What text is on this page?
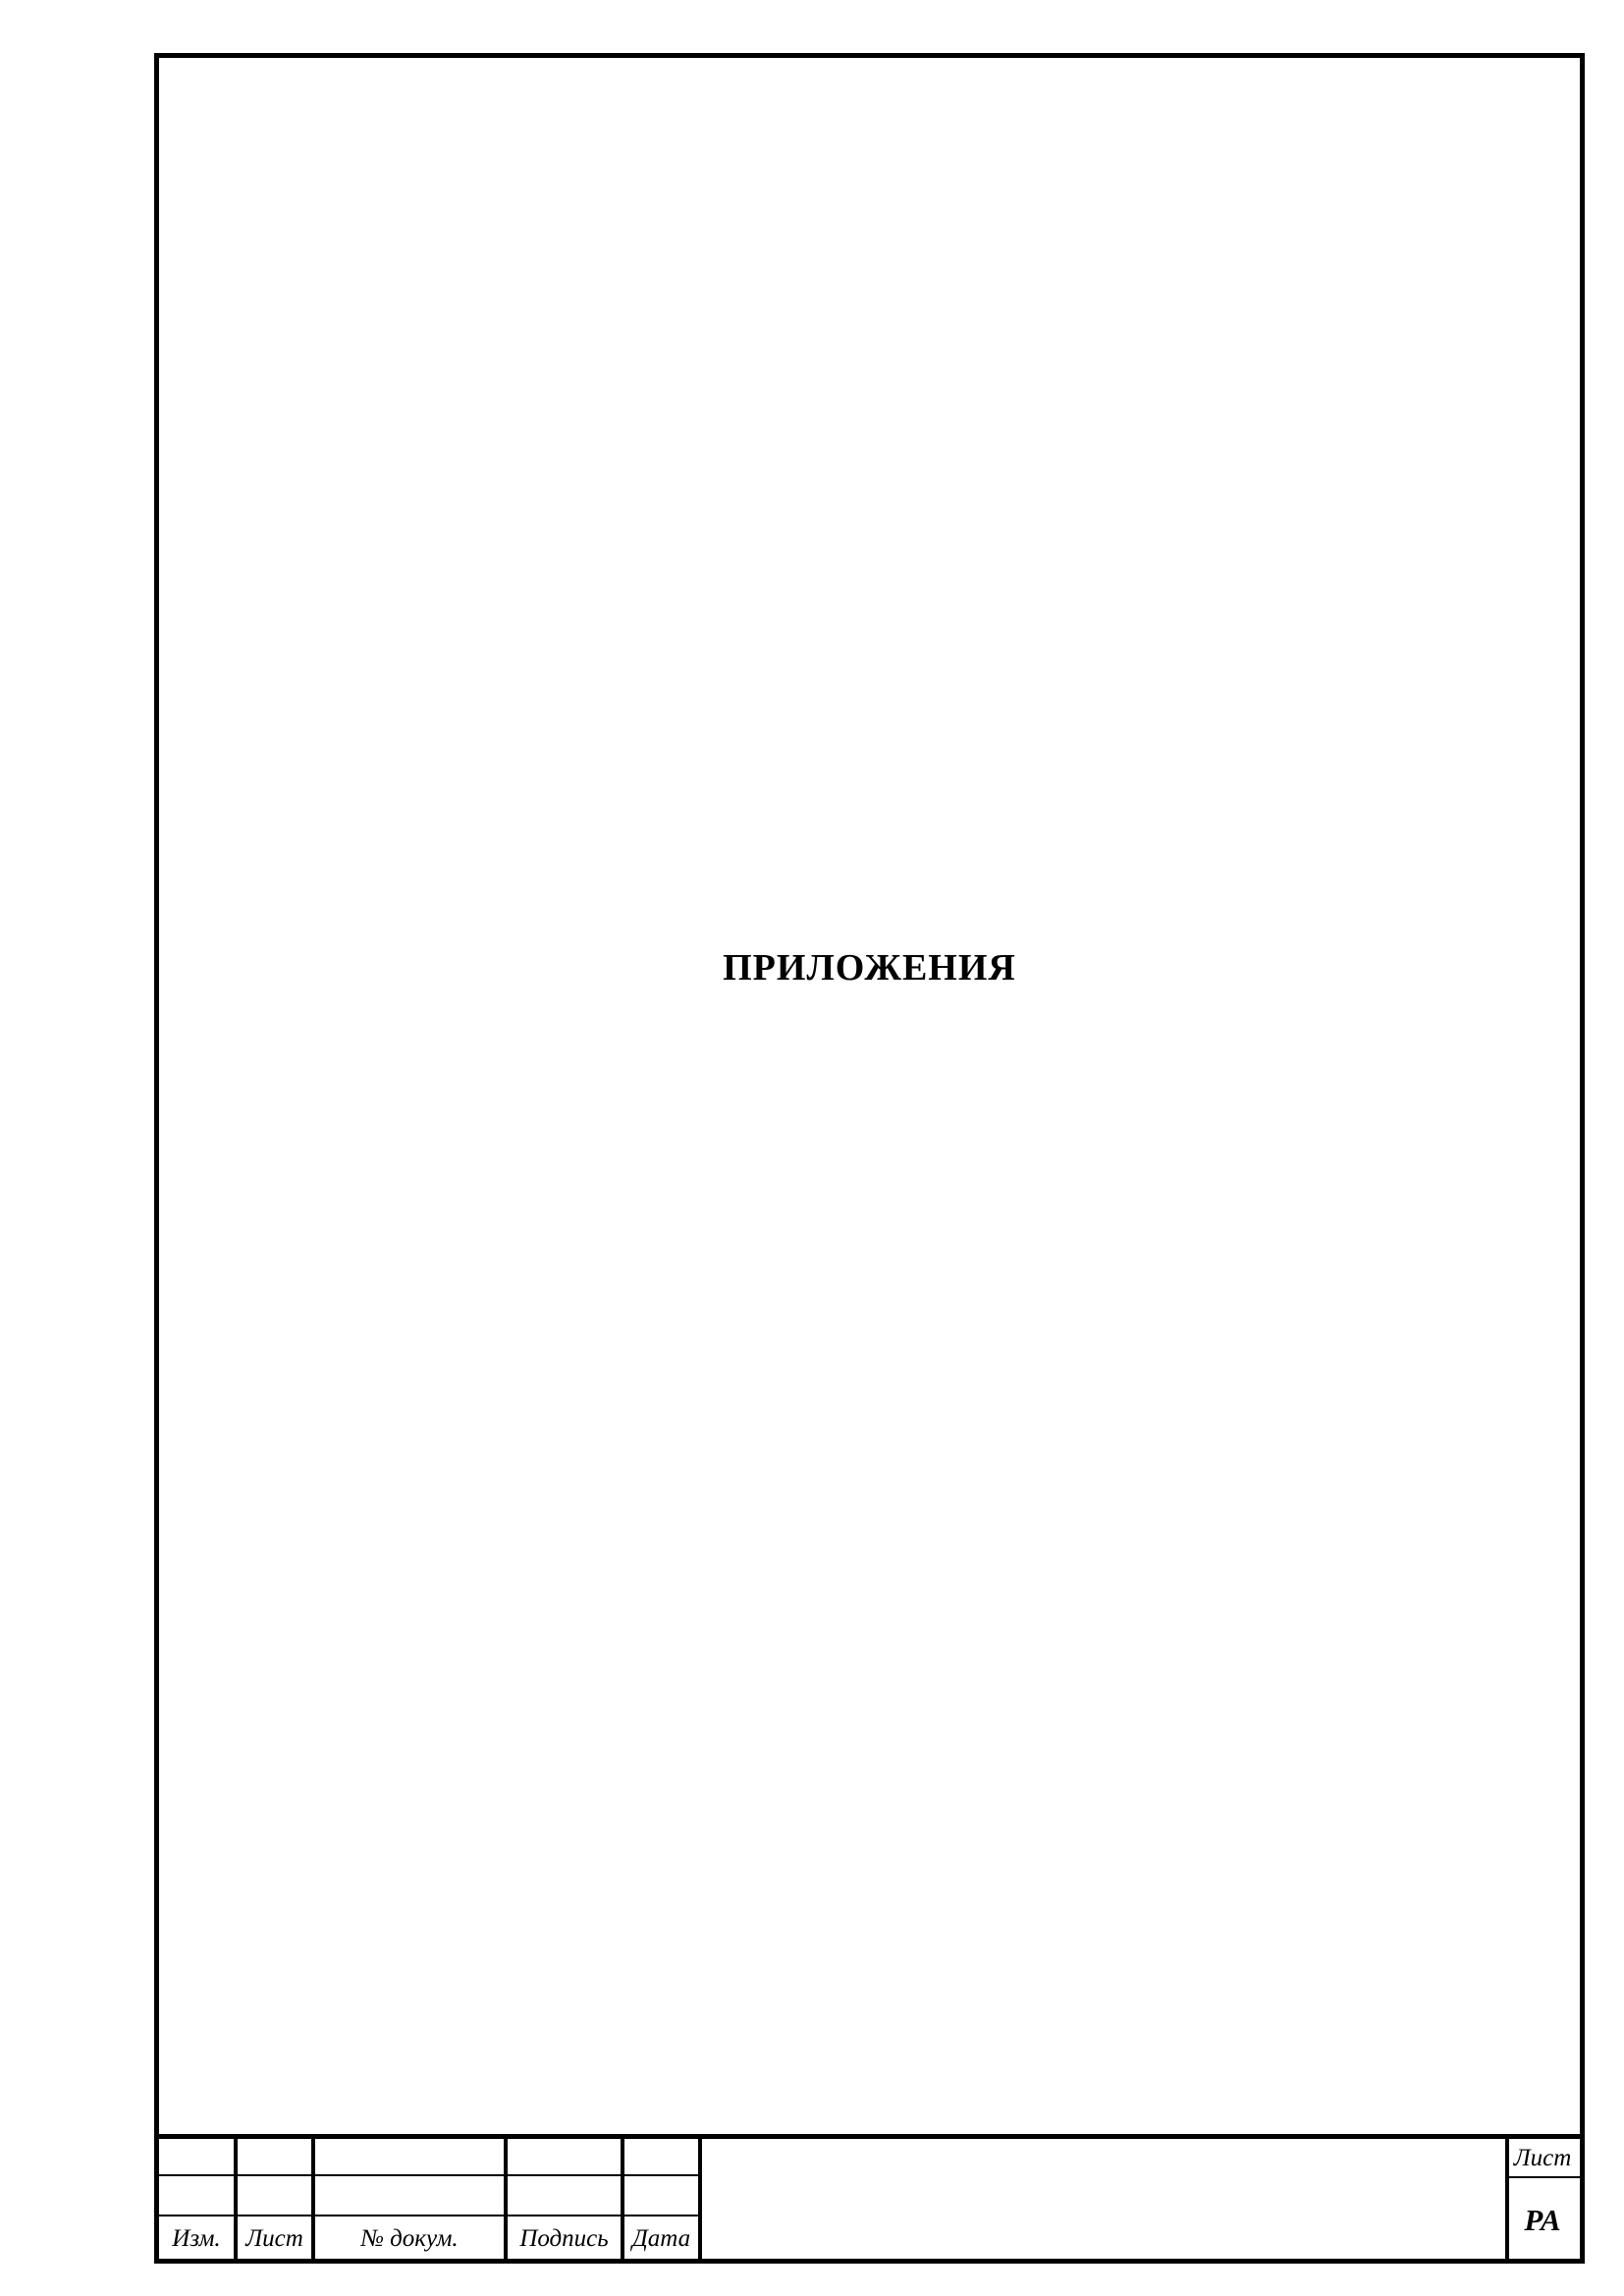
ПРИЛОЖЕНИЯ
Изм.	Лист	№ докум.	Подпись Дата
Лист
PA
